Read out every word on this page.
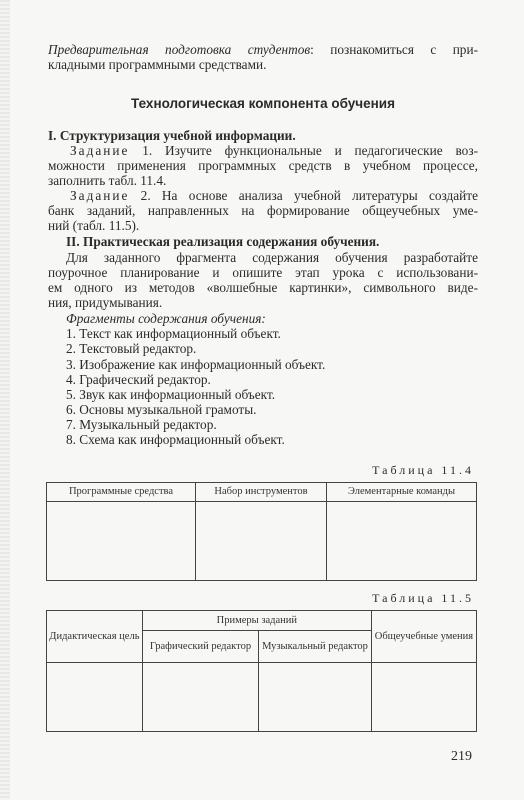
Предварительная подготовка студентов: познакомиться с при-
кладными программными средствами.
Технологическая компонента обучения
I. Структуризация учебной информации.
Задание 1. Изучите функциональные и педагогические воз-
можности применения программных средств в учебном процессе,
заполнить табл. 11.4.
Задание 2. На основе анализа учебной литературы создайте
банк заданий, направленных на формирование общеучебных уме-
ний (табл. 11.5).
II. Практическая реализация содержания обучения.
Для заданного фрагмента содержания обучения разработайте
поурочное планирование и опишите этап урока с использовани-
ем одного из методов «волшебные картинки», символьного виде-
ния, придумывания.
Фрагменты содержания обучения:
1. Текст как информационный объект.
2. Текстовый редактор.
3. Изображение как информационный объект.
4. Графический редактор.
5. Звук как информационный объект.
6. Основы музыкальной грамоты.
7. Музыкальный редактор.
8. Схема как информационный объект.
Таблица 11.4
Программные средства	Набор инструментов	Элементарные команды

Таблица 11.5
Дидактическая цель	Примеры заданий		Общеучебные умения
	Графический редактор	Музыкальный редактор	

219
